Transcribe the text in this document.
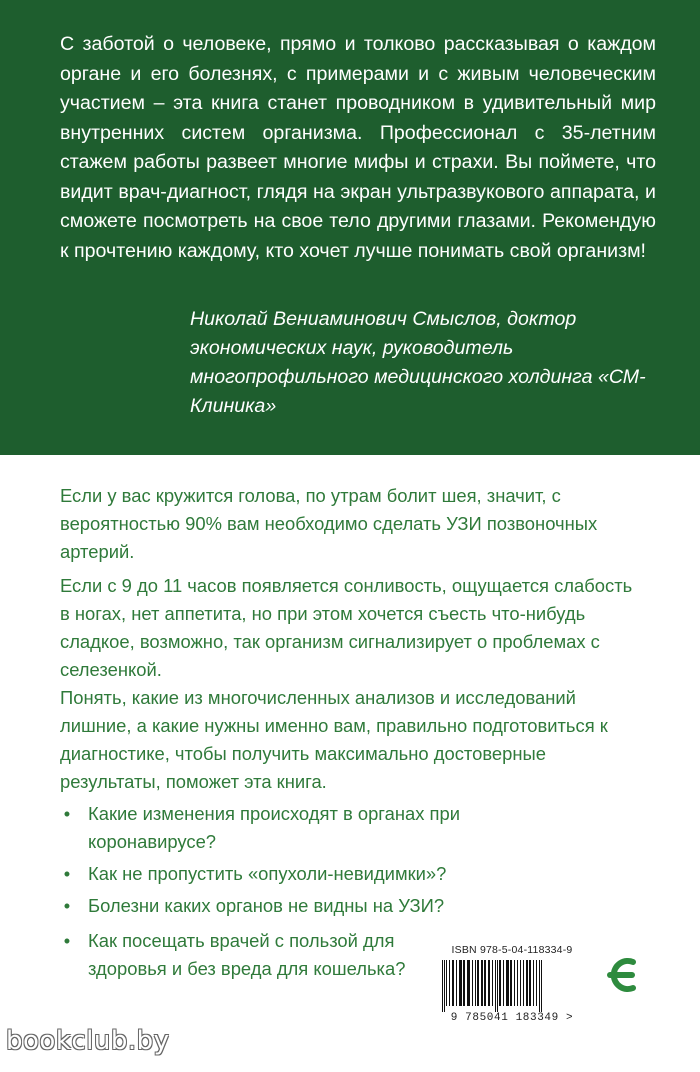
С заботой о человеке, прямо и толково рассказывая о каждом органе и его болезнях, с примерами и с живым человеческим участием – эта книга станет проводником в удивительный мир внутренних систем организма. Профессионал с 35-летним стажем работы развеет многие мифы и страхи. Вы поймете, что видит врач-диагност, глядя на экран ультразвукового аппарата, и сможете посмотреть на свое тело другими глазами. Рекомендую к прочтению каждому, кто хочет лучше понимать свой организм!

Николай Вениаминович Смыслов, доктор экономических наук, руководитель многопрофильного медицинского холдинга «СМ-Клиника»

Если у вас кружится голова, по утрам болит шея, значит, с вероятностью 90% вам необходимо сделать УЗИ позвоночных артерий.

Если с 9 до 11 часов появляется сонливость, ощущается слабость в ногах, нет аппетита, но при этом хочется съесть что-нибудь сладкое, возможно, так организм сигнализирует о проблемах с селезенкой.

Понять, какие из многочисленных анализов и исследований лишние, а какие нужны именно вам, правильно подготовиться к диагностике, чтобы получить максимально достоверные результаты, поможет эта книга.

• Какие изменения происходят в органах при коронавирусе?
• Как не пропустить «опухоли-невидимки»?
• Болезни каких органов не видны на УЗИ?
• Как посещать врачей с пользой для здоровья и без вреда для кошелька?
ISBN 978-5-04-118334-9
9 785041 183349 >
bookclub.by
